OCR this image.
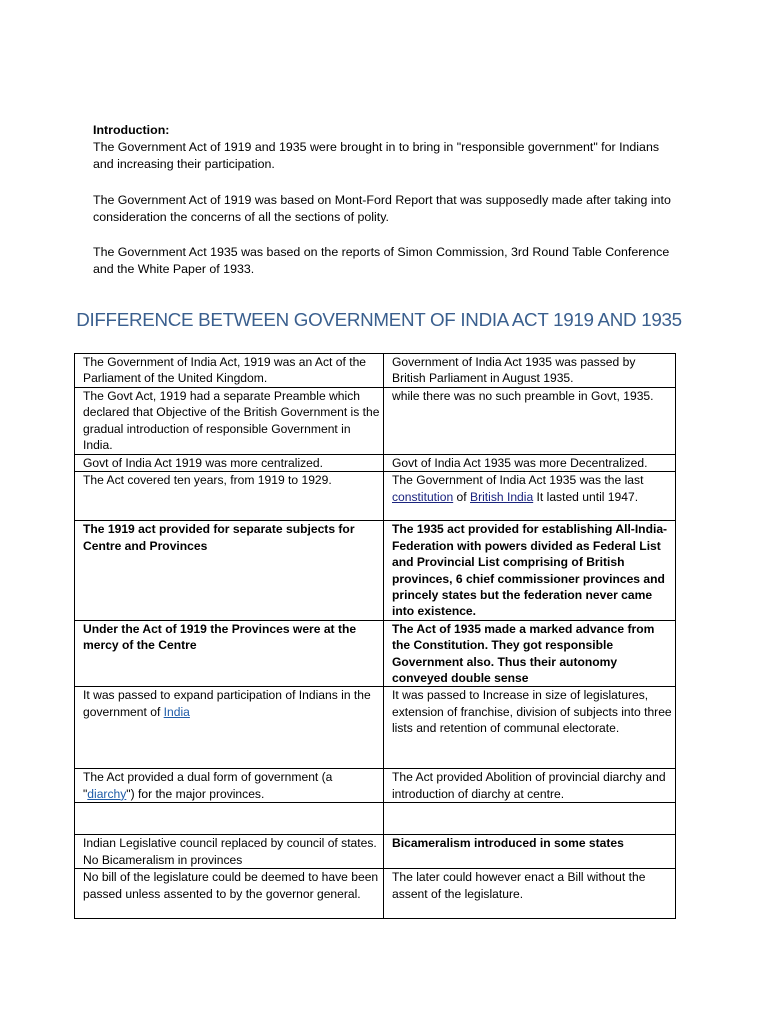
Introduction:
The Government Act of 1919 and 1935 were brought in to bring in "responsible government" for Indians and increasing their participation.

The Government Act of 1919 was based on Mont-Ford Report that was supposedly made after taking into consideration the concerns of all the sections of polity.

The Government Act 1935 was based on the reports of Simon Commission, 3rd Round Table Conference and the White Paper of 1933.

DIFFERENCE BETWEEN GOVERNMENT OF INDIA ACT 1919 AND 1935
The Government of India Act, 1919 was an Act of the Parliament of the United Kingdom.	Government of India Act 1935 was passed by British Parliament in August 1935.
The Govt Act, 1919 had a separate Preamble which declared that Objective of the British Government is the gradual introduction of responsible Government in India.	while there was no such preamble in Govt, 1935.
Govt of India Act 1919 was more centralized.	Govt of India Act 1935 was more Decentralized.
The Act covered ten years, from 1919 to 1929.	The Government of India Act 1935 was the last constitution of British India It lasted until 1947.
The 1919 act provided for separate subjects for Centre and Provinces	The 1935 act provided for establishing All-India-Federation with powers divided as Federal List and Provincial List comprising of British provinces, 6 chief commissioner provinces and princely states but the federation never came into existence.
Under the Act of 1919 the Provinces were at the mercy of the Centre	The Act of 1935 made a marked advance from the Constitution. They got responsible Government also. Thus their autonomy conveyed double sense
It was passed to expand participation of Indians in the government of India	It was passed to Increase in size of legislatures, extension of franchise, division of subjects into three lists and retention of communal electorate.
The Act provided a dual form of government (a "diarchy") for the major provinces.	The Act provided Abolition of provincial diarchy and introduction of diarchy at centre.

Indian Legislative council replaced by council of states. No Bicameralism in provinces	Bicameralism introduced in some states
No bill of the legislature could be deemed to have been passed unless assented to by the governor general.	The later could however enact a Bill without the assent of the legislature.
